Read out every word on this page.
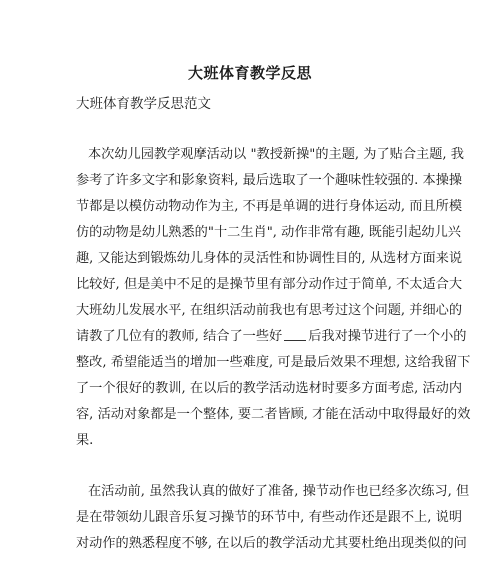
大班体育教学反思
大班体育教学反思范文
本次幼儿园教学观摩活动以 "教授新操"的主题, 为了贴合主题, 我
参考了许多文字和影象资料, 最后选取了一个趣味性较强的. 本操操
节都是以模仿动物动作为主, 不再是单调的进行身体运动, 而且所模
仿的动物是幼儿熟悉的"十二生肖", 动作非常有趣, 既能引起幼儿兴
趣, 又能达到锻炼幼儿身体的灵活性和协调性目的, 从选材方面来说
比较好, 但是美中不足的是操节里有部分动作过于简单, 不太适合大
大班幼儿发展水平, 在组织活动前我也有思考过这个问题, 并细心的
请教了几位有的教师, 结合了一些好 后我对操节进行了一个小的
整改, 希望能适当的增加一些难度, 可是最后效果不理想, 这给我留下
了一个很好的教训, 在以后的教学活动选材时要多方面考虑, 活动内
容, 活动对象都是一个整体, 要二者皆顾, 才能在活动中取得最好的效
果.
在活动前, 虽然我认真的做好了准备, 操节动作也已经多次练习, 但
是在带领幼儿跟音乐复习操节的环节中, 有些动作还是跟不上, 说明
对动作的熟悉程度不够, 在以后的教学活动尤其要杜绝出现类似的问
